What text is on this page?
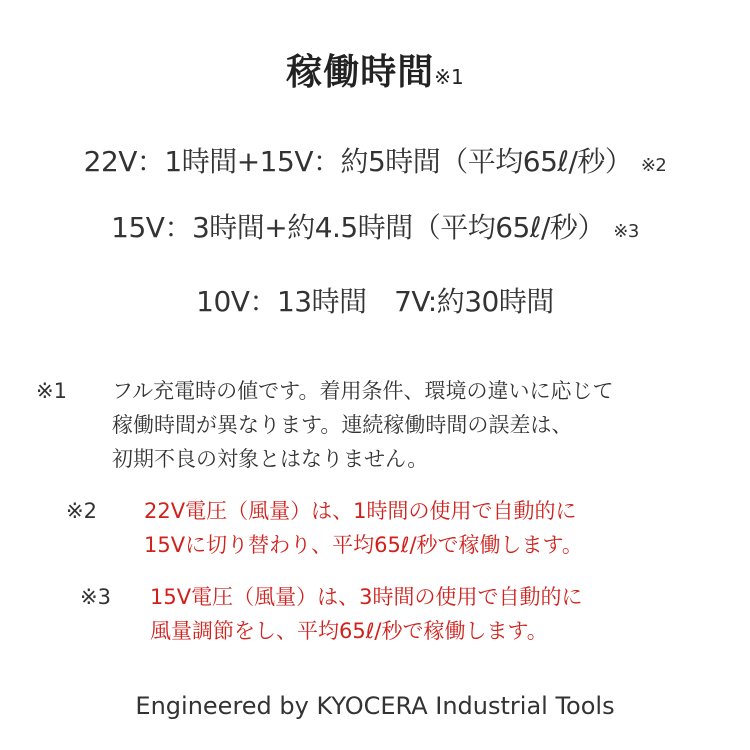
稼働時間※1
22V：1時間+15V：約5時間（平均65ℓ/秒） ※2
15V：3時間+約4.5時間（平均65ℓ/秒） ※3
10V：13時間　7V:約30時間
※1 フル充電時の値です。着用条件、環境の違いに応じて
稼働時間が異なります。連続稼働時間の誤差は、
初期不良の対象とはなりません。
※2 22V電圧（風量）は、1時間の使用で自動的に
15Vに切り替わり、平均65ℓ/秒で稼働します。
※3 15V電圧（風量）は、3時間の使用で自動的に
風量調節をし、平均65ℓ/秒で稼働します。
Engineered by KYOCERA Industrial Tools
